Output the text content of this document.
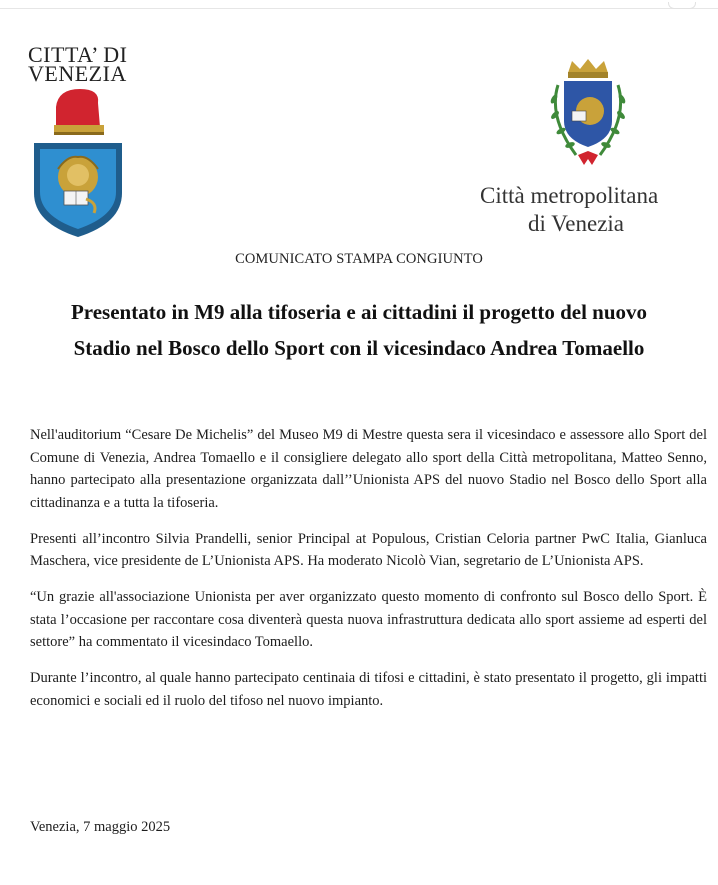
CITTA’ DI
VENEZIA
Città metropolitana
di Venezia
COMUNICATO STAMPA CONGIUNTO
Presentato in M9 alla tifoseria e ai cittadini il progetto del nuovo
Stadio nel Bosco dello Sport con il vicesindaco Andrea Tomaello

Nell'auditorium “Cesare De Michelis” del Museo M9 di Mestre questa sera il vicesindaco e assessore allo Sport del Comune di Venezia, Andrea Tomaello e il consigliere delegato allo sport della Città metropolitana, Matteo Senno, hanno partecipato alla presentazione organizzata dall’’Unionista APS del nuovo Stadio nel Bosco dello Sport alla cittadinanza e a tutta la tifoseria.

Presenti all’incontro Silvia Prandelli, senior Principal at Populous, Cristian Celoria partner PwC Italia, Gianluca Maschera, vice presidente de L’Unionista APS. Ha moderato Nicolò Vian, segretario de L’Unionista APS.

“Un grazie all'associazione Unionista per aver organizzato questo momento di confronto sul Bosco dello Sport. È stata l’occasione per raccontare cosa diventerà questa nuova infrastruttura dedicata allo sport assieme ad esperti del settore” ha commentato il vicesindaco Tomaello.

Durante l’incontro, al quale hanno partecipato centinaia di tifosi e cittadini, è stato presentato il progetto, gli impatti economici e sociali ed il ruolo del tifoso nel nuovo impianto.

Venezia, 7 maggio 2025
